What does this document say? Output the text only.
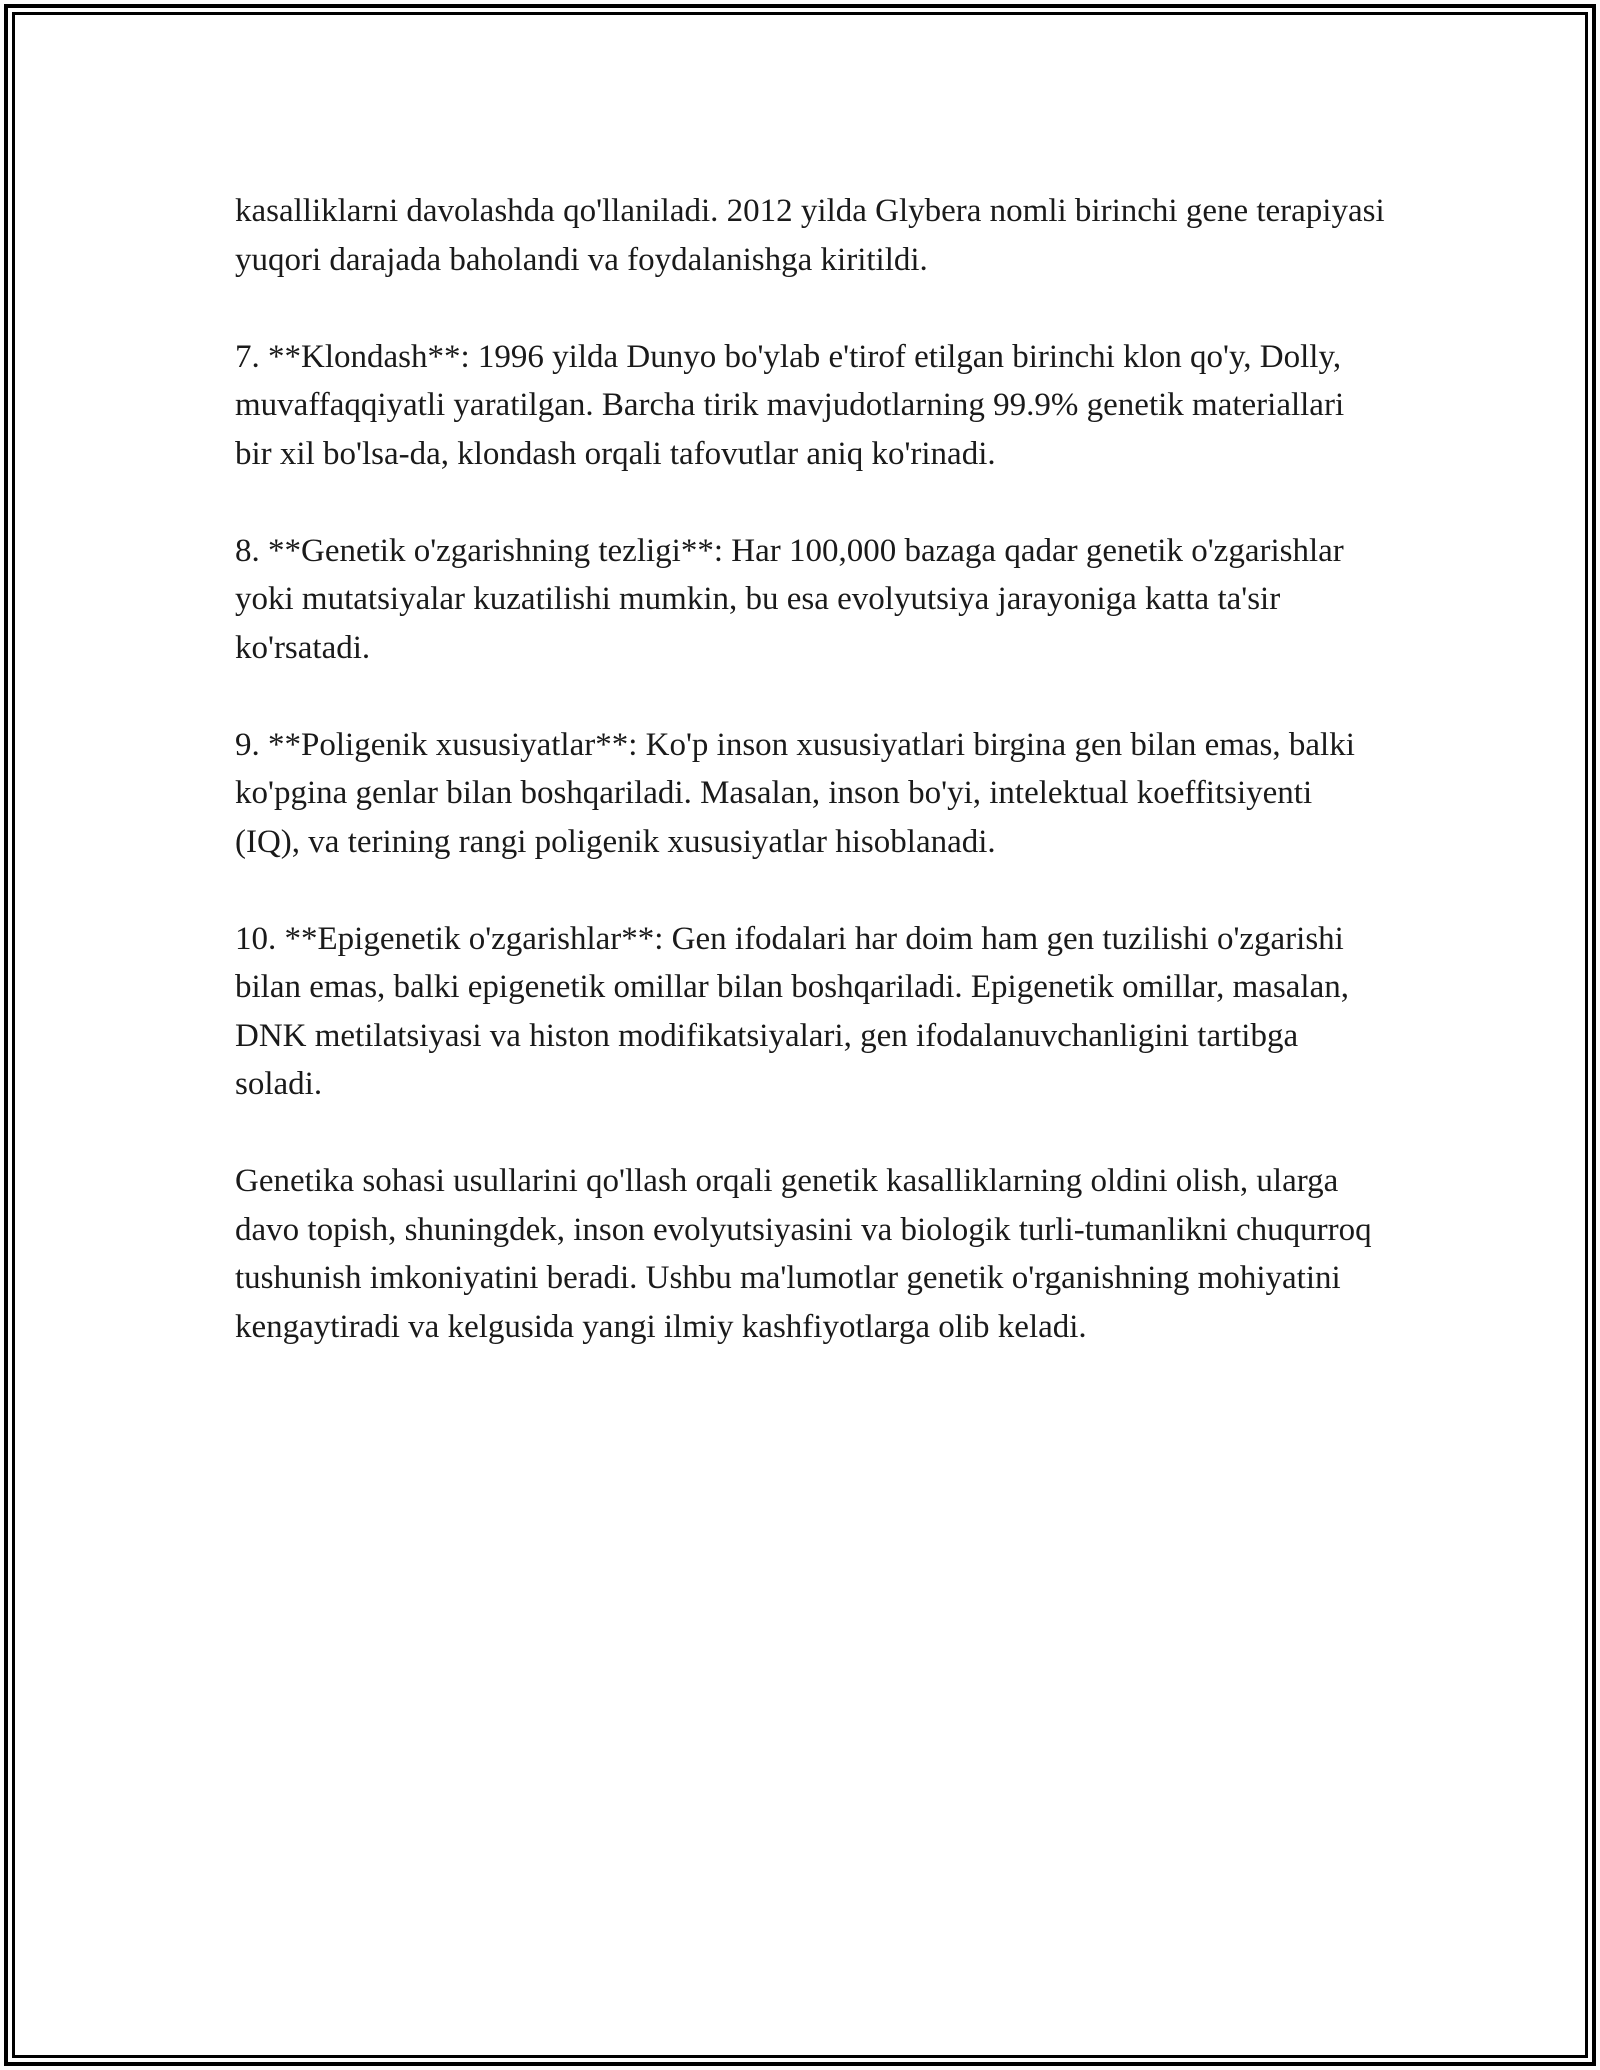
kasalliklarni davolashda qo'llaniladi. 2012 yilda Glybera nomli birinchi gene terapiyasi yuqori darajada baholandi va foydalanishga kiritildi.

7. **Klondash**: 1996 yilda Dunyo bo'ylab e'tirof etilgan birinchi klon qo'y, Dolly, muvaffaqqiyatli yaratilgan. Barcha tirik mavjudotlarning 99.9% genetik materiallari bir xil bo'lsa-da, klondash orqali tafovutlar aniq ko'rinadi.

8. **Genetik o'zgarishning tezligi**: Har 100,000 bazaga qadar genetik o'zgarishlar yoki mutatsiyalar kuzatilishi mumkin, bu esa evolyutsiya jarayoniga katta ta'sir ko'rsatadi.

9. **Poligenik xususiyatlar**: Ko'p inson xususiyatlari birgina gen bilan emas, balki ko'pgina genlar bilan boshqariladi. Masalan, inson bo'yi, intelektual koeffitsiyenti (IQ), va terining rangi poligenik xususiyatlar hisoblanadi.

10. **Epigenetik o'zgarishlar**: Gen ifodalari har doim ham gen tuzilishi o'zgarishi bilan emas, balki epigenetik omillar bilan boshqariladi. Epigenetik omillar, masalan, DNK metilatsiyasi va histon modifikatsiyalari, gen ifodalanuvchanligini tartibga soladi.

Genetika sohasi usullarini qo'llash orqali genetik kasalliklarning oldini olish, ularga davo topish, shuningdek, inson evolyutsiyasini va biologik turli-tumanlikni chuqurroq tushunish imkoniyatini beradi. Ushbu ma'lumotlar genetik o'rganishning mohiyatini kengaytiradi va kelgusida yangi ilmiy kashfiyotlarga olib keladi.
